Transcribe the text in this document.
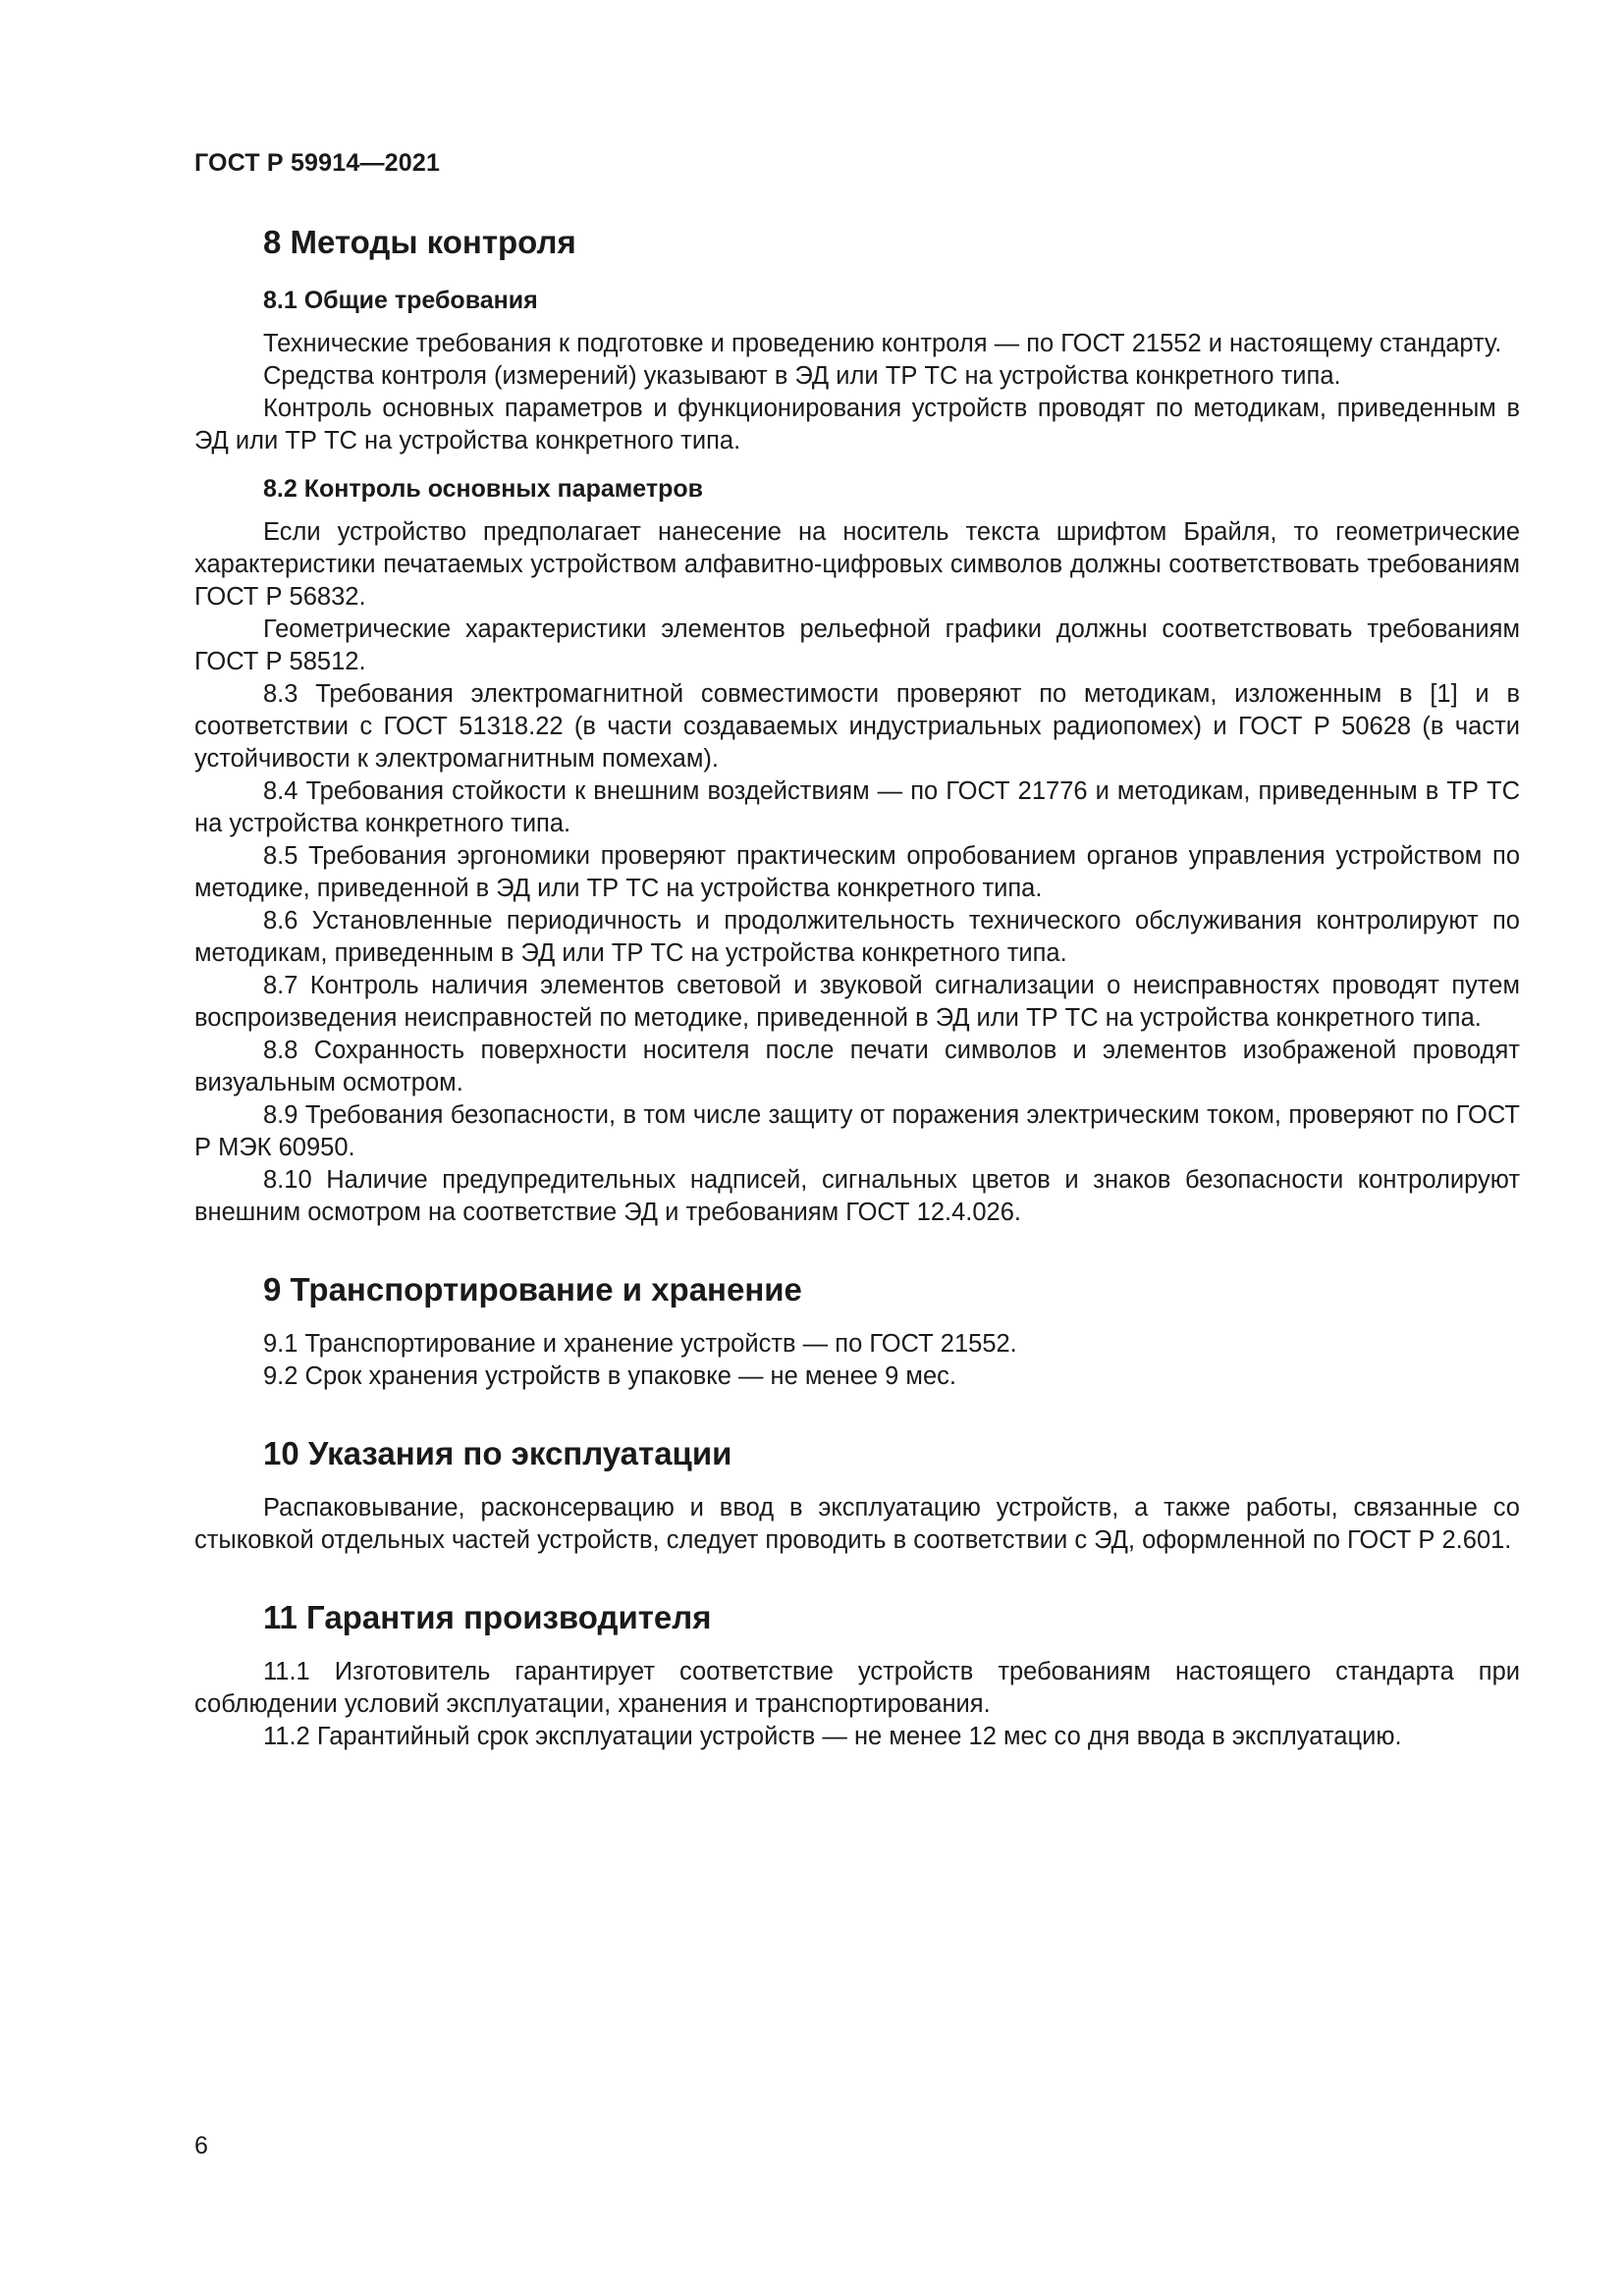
ГОСТ Р 59914—2021
8 Методы контроля
8.1 Общие требования

Технические требования к подготовке и проведению контроля — по ГОСТ 21552 и настоящему стандарту.

Средства контроля (измерений) указывают в ЭД или ТР ТС на устройства конкретного типа.

Контроль основных параметров и функционирования устройств проводят по методикам, приведенным в ЭД или ТР ТС на устройства конкретного типа.

8.2 Контроль основных параметров

Если устройство предполагает нанесение на носитель текста шрифтом Брайля, то геометрические характеристики печатаемых устройством алфавитно-цифровых символов должны соответствовать требованиям ГОСТ Р 56832.

Геометрические характеристики элементов рельефной графики должны соответствовать требованиям ГОСТ Р 58512.

8.3 Требования электромагнитной совместимости проверяют по методикам, изложенным в [1] и в соответствии с ГОСТ 51318.22 (в части создаваемых индустриальных радиопомех) и ГОСТ Р 50628 (в части устойчивости к электромагнитным помехам).

8.4 Требования стойкости к внешним воздействиям — по ГОСТ 21776 и методикам, приведенным в ТР ТС на устройства конкретного типа.

8.5 Требования эргономики проверяют практическим опробованием органов управления устройством по методике, приведенной в ЭД или ТР ТС на устройства конкретного типа.

8.6 Установленные периодичность и продолжительность технического обслуживания контролируют по методикам, приведенным в ЭД или ТР ТС на устройства конкретного типа.

8.7 Контроль наличия элементов световой и звуковой сигнализации о неисправностях проводят путем воспроизведения неисправностей по методике, приведенной в ЭД или ТР ТС на устройства конкретного типа.

8.8 Сохранность поверхности носителя после печати символов и элементов изображеной проводят визуальным осмотром.

8.9 Требования безопасности, в том числе защиту от поражения электрическим током, проверяют по ГОСТ Р МЭК 60950.

8.10 Наличие предупредительных надписей, сигнальных цветов и знаков безопасности контролируют внешним осмотром на соответствие ЭД и требованиям ГОСТ 12.4.026.

9 Транспортирование и хранение

9.1 Транспортирование и хранение устройств — по ГОСТ 21552.

9.2 Срок хранения устройств в упаковке — не менее 9 мес.

10 Указания по эксплуатации

Распаковывание, расконсервацию и ввод в эксплуатацию устройств, а также работы, связанные со стыковкой отдельных частей устройств, следует проводить в соответствии с ЭД, оформленной по ГОСТ Р 2.601.

11 Гарантия производителя

11.1 Изготовитель гарантирует соответствие устройств требованиям настоящего стандарта при соблюдении условий эксплуатации, хранения и транспортирования.

11.2 Гарантийный срок эксплуатации устройств — не менее 12 мес со дня ввода в эксплуатацию.

6
